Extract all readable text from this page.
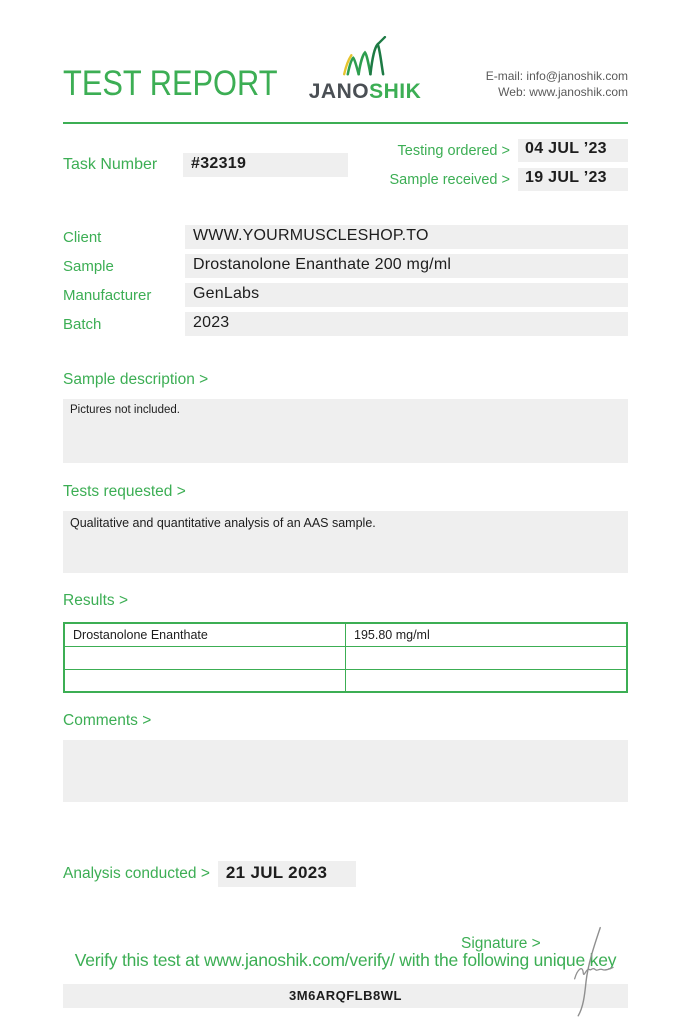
TEST REPORT	JANOSHIK
E-mail: info@janoshik.com
Web: www.janoshik.com
Task Number	#32319
Testing ordered > 04 JUL ’23
Sample received > 19 JUL ’23
Client	WWW.YOURMUSCLESHOP.TO
Sample	Drostanolone Enanthate 200 mg/ml
Manufacturer	GenLabs
Batch	2023
Sample description >
Pictures not included.
Tests requested >
Qualitative and quantitative analysis of an AAS sample.
Results >
Drostanolone Enanthate	195.80 mg/ml

Comments >
Analysis conducted > 21 JUL 2023
Signature >
Verify this test at www.janoshik.com/verify/ with the following unique key
3M6ARQFLB8WL
